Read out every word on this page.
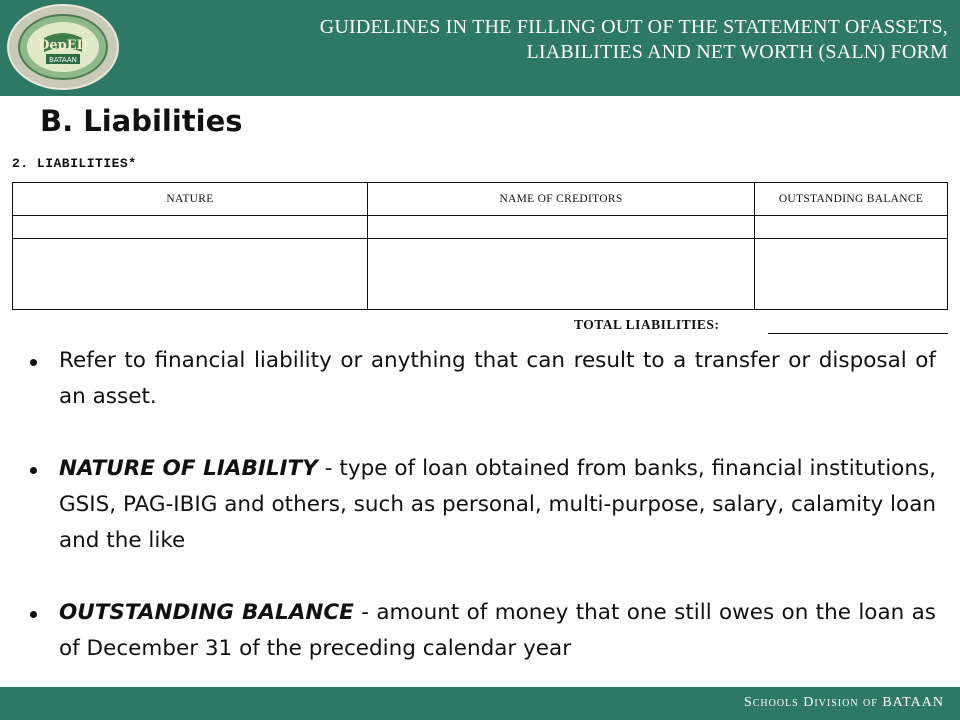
DepED
BATAAN
GUIDELINES IN THE FILLING OUT OF THE STATEMENT OFASSETS,
LIABILITIES AND NET WORTH (SALN) FORM
B. Liabilities
2. LIABILITIES*
NATURE	NAME OF CREDITORS	OUTSTANDING BALANCE

TOTAL LIABILITIES:
Refer to financial liability or anything that can result to a transfer or disposal of an asset.
NATURE OF LIABILITY - type of loan obtained from banks, financial institutions, GSIS, PAG-IBIG and others, such as personal, multi-purpose, salary, calamity loan and the like
OUTSTANDING BALANCE - amount of money that one still owes on the loan as of December 31 of the preceding calendar year
Schools Division of BATAAN
